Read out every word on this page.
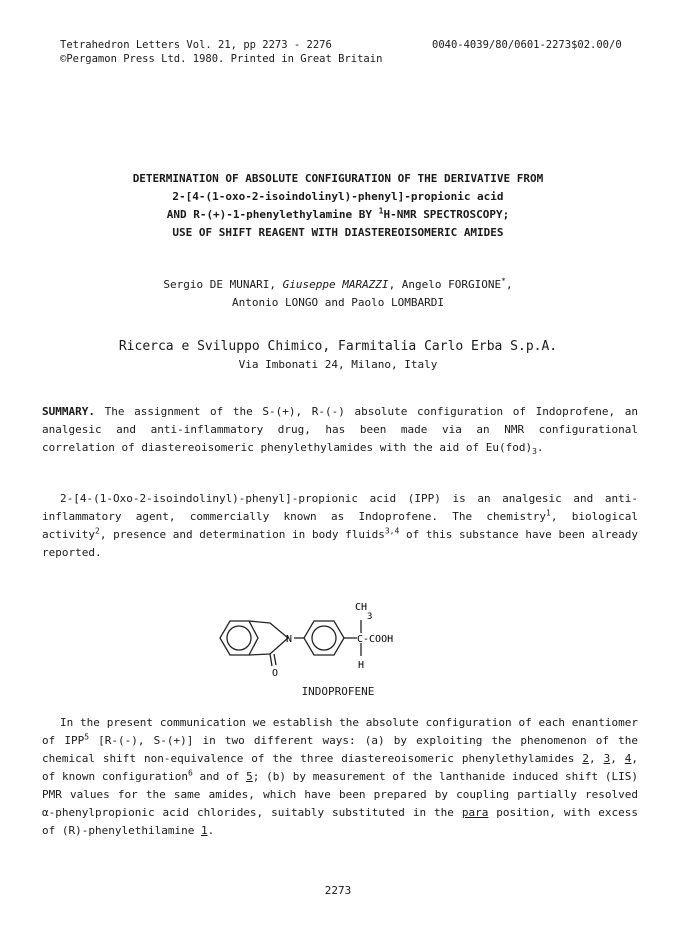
Tetrahedron Letters Vol. 21, pp 2273 - 2276
©Pergamon Press Ltd. 1980. Printed in Great Britain
0040-4039/80/0601-2273$02.00/0
DETERMINATION OF ABSOLUTE CONFIGURATION OF THE DERIVATIVE FROM
2-[4-(1-oxo-2-isoindolinyl)-phenyl]-propionic acid
AND R-(+)-1-phenylethylamine BY $^1$H-NMR SPECTROSCOPY;
USE OF SHIFT REAGENT WITH DIASTEREOISOMERIC AMIDES
Sergio DE MUNARI, Giuseppe MARAZZI, Angelo FORGIONE*,
Antonio LONGO and Paolo LOMBARDI
Ricerca e Sviluppo Chimico, Farmitalia Carlo Erba S.p.A.
Via Imbonati 24, Milano, Italy

SUMMARY. The assignment of the S-(+), R-(-) absolute configuration of Indoprofene, an analgesic and anti-inflammatory drug, has been made via an NMR configurational correlation of diastereoisomeric phenylethylamides with the aid of $Eu(fod)_3$.

2-[4-(1-Oxo-2-isoindolinyl)-phenyl]-propionic acid (IPP) is an analgesic and anti-inflammatory agent, commercially known as Indoprofene. The chemistry$^1$, biological activity$^2$, presence and determination in body fluids$^{3,4}$ of this substance have been already reported.

N
O
CH3
C-COOH
H
INDOPROFENE

In the present communication we establish the absolute configuration of each enantiomer of IPP$^5$ [R-(-), S-(+)] in two different ways: (a) by exploiting the phenomenon of the chemical shift non-equivalence of the three diastereoisomeric phenylethylamides 2, 3, 4, of known configuration$^6$ and of 5; (b) by measurement of the lanthanide induced shift (LIS) PMR values for the same amides, which have been prepared by coupling partially resolved α-phenylpropionic acid chlorides, suitably substituted in the para position, with excess of (R)-phenylethilamine 1.

2273
